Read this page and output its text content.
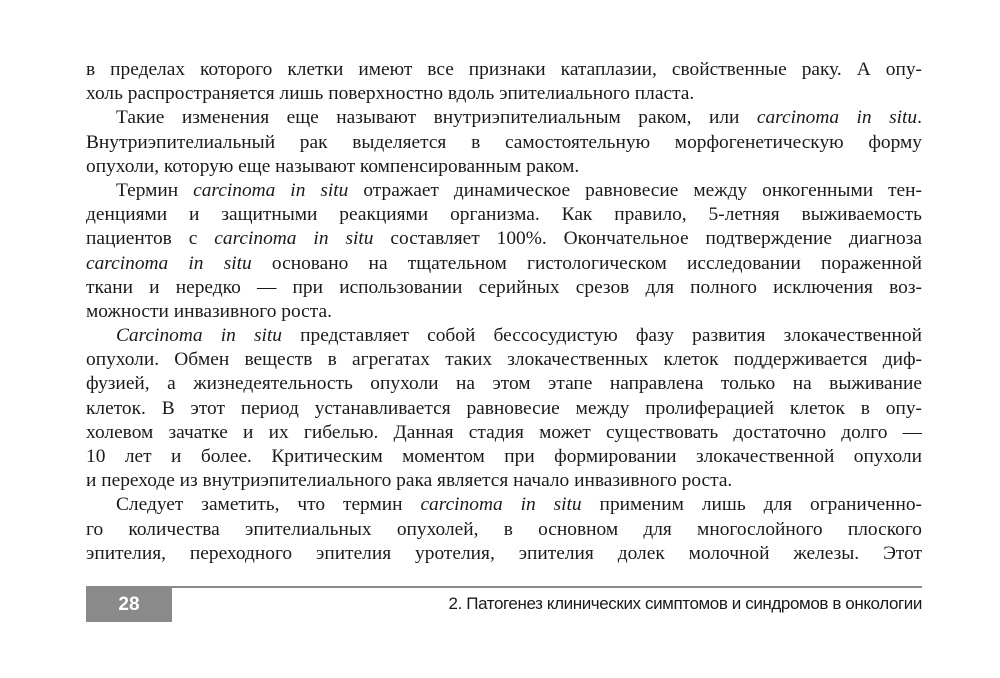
в пределах которого клетки имеют все признаки катаплазии, свойственные раку. А опу-
холь распространяется лишь поверхностно вдоль эпителиального пласта.
Такие изменения еще называют внутриэпителиальным раком, или carcinoma in situ.
Внутриэпителиальный рак выделяется в самостоятельную морфогенетическую форму
опухоли, которую еще называют компенсированным раком.
Термин carcinoma in situ отражает динамическое равновесие между онкогенными тен-
денциями и защитными реакциями организма. Как правило, 5-летняя выживаемость
пациентов с carcinoma in situ составляет 100%. Окончательное подтверждение диагноза
carcinoma in situ основано на тщательном гистологическом исследовании пораженной
ткани и нередко — при использовании серийных срезов для полного исключения воз-
можности инвазивного роста.
Carcinoma in situ представляет собой бессосудистую фазу развития злокачественной
опухоли. Обмен веществ в агрегатах таких злокачественных клеток поддерживается диф-
фузией, а жизнедеятельность опухоли на этом этапе направлена только на выживание
клеток. В этот период устанавливается равновесие между пролиферацией клеток в опу-
холевом зачатке и их гибелью. Данная стадия может существовать достаточно долго —
10 лет и более. Критическим моментом при формировании злокачественной опухоли
и переходе из внутриэпителиального рака является начало инвазивного роста.
Следует заметить, что термин carcinoma in situ применим лишь для ограниченно-
го количества эпителиальных опухолей, в основном для многослойного плоского
эпителия, переходного эпителия уротелия, эпителия долек молочной железы. Этот
28	2. Патогенез клинических симптомов и синдромов в онкологии
